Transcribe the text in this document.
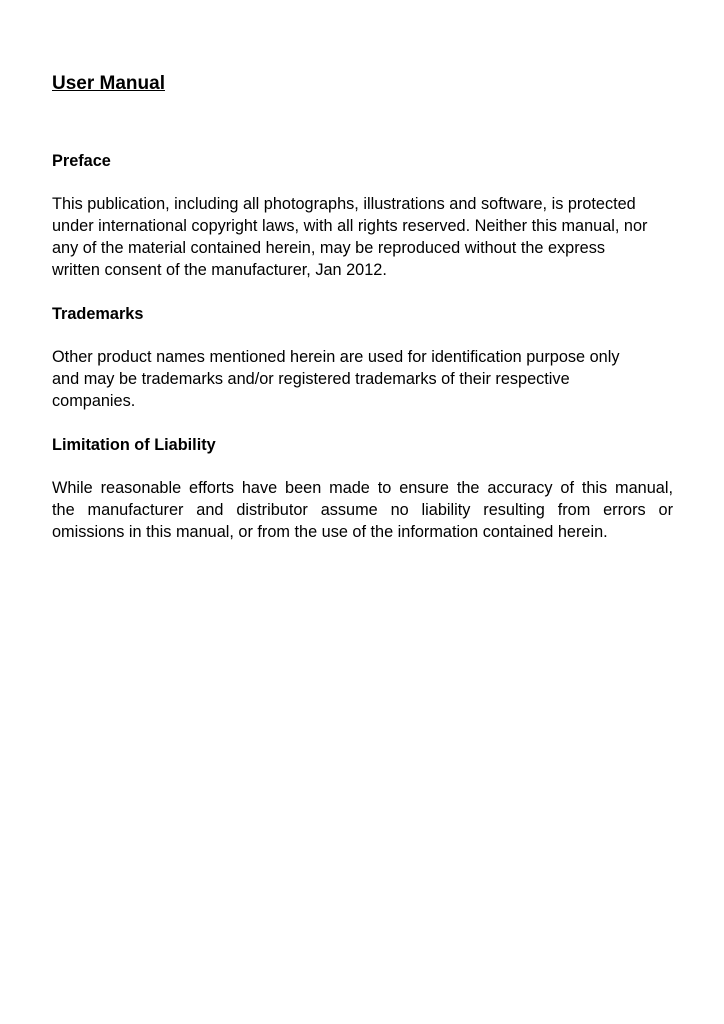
User Manual
Preface

This publication, including all photographs, illustrations and software, is protected
under international copyright laws, with all rights reserved. Neither this manual, nor
any of the material contained herein, may be reproduced without the express
written consent of the manufacturer, Jan 2012.

Trademarks

Other product names mentioned herein are used for identification purpose only
and may be trademarks and/or registered trademarks of their respective
companies.

Limitation of Liability

While reasonable efforts have been made to ensure the accuracy of this manual,
the manufacturer and distributor assume no liability resulting from errors or
omissions in this manual, or from the use of the information contained herein.
